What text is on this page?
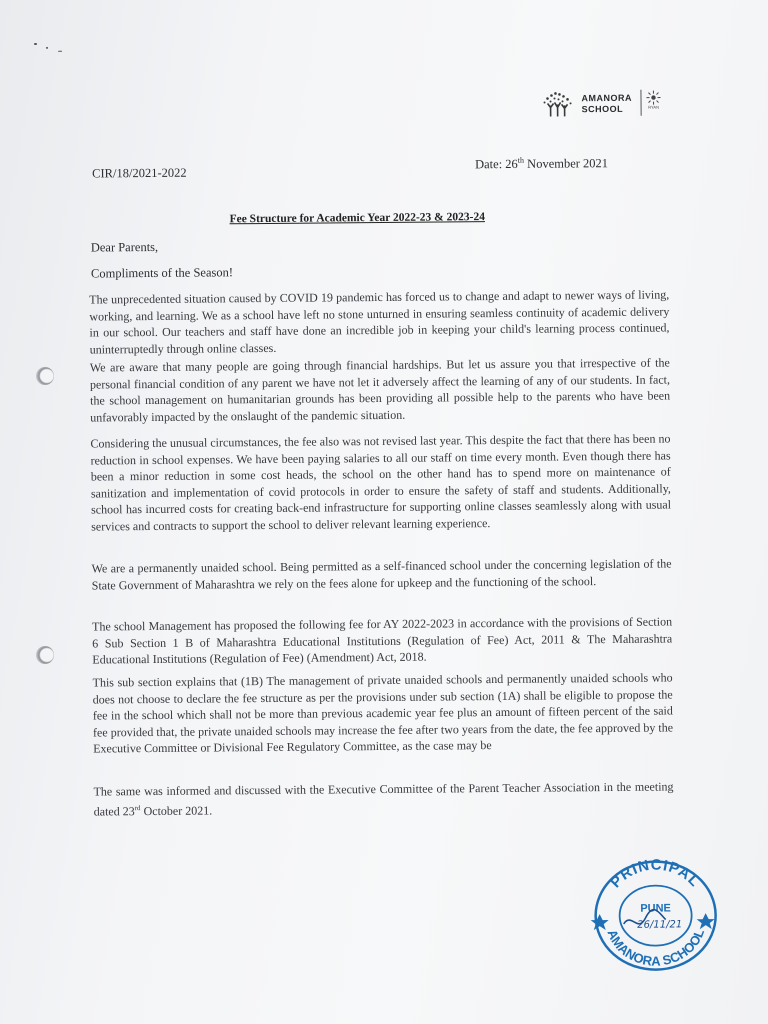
AMANORA
SCHOOL	RYAN
CIR/18/2021-2022
Date: 26th November 2021
Fee Structure for Academic Year 2022-23 & 2023-24
Dear Parents,
Compliments of the Season!

The unprecedented situation caused by COVID 19 pandemic has forced us to change and adapt to newer ways of living, working, and learning. We as a school have left no stone unturned in ensuring seamless continuity of academic delivery in our school. Our teachers and staff have done an incredible job in keeping your child's learning process continued, uninterruptedly through online classes.

We are aware that many people are going through financial hardships. But let us assure you that irrespective of the personal financial condition of any parent we have not let it adversely affect the learning of any of our students. In fact, the school management on humanitarian grounds has been providing all possible help to the parents who have been unfavorably impacted by the onslaught of the pandemic situation.

Considering the unusual circumstances, the fee also was not revised last year. This despite the fact that there has been no reduction in school expenses. We have been paying salaries to all our staff on time every month. Even though there has been a minor reduction in some cost heads, the school on the other hand has to spend more on maintenance of sanitization and implementation of covid protocols in order to ensure the safety of staff and students. Additionally, school has incurred costs for creating back-end infrastructure for supporting online classes seamlessly along with usual services and contracts to support the school to deliver relevant learning experience.

We are a permanently unaided school. Being permitted as a self-financed school under the concerning legislation of the State Government of Maharashtra we rely on the fees alone for upkeep and the functioning of the school.

The school Management has proposed the following fee for AY 2022-2023 in accordance with the provisions of Section 6 Sub Section 1 B of Maharashtra Educational Institutions (Regulation of Fee) Act, 2011 & The Maharashtra Educational Institutions (Regulation of Fee) (Amendment) Act, 2018.

This sub section explains that (1B) The management of private unaided schools and permanently unaided schools who does not choose to declare the fee structure as per the provisions under sub section (1A) shall be eligible to propose the fee in the school which shall not be more than previous academic year fee plus an amount of fifteen percent of the said fee provided that, the private unaided schools may increase the fee after two years from the date, the fee approved by the Executive Committee or Divisional Fee Regulatory Committee, as the case may be

The same was informed and discussed with the Executive Committee of the Parent Teacher Association in the meeting dated 23rd October 2021.

PRINCIPAL
AMANORA SCHOOL
PUNE
26/11/21
